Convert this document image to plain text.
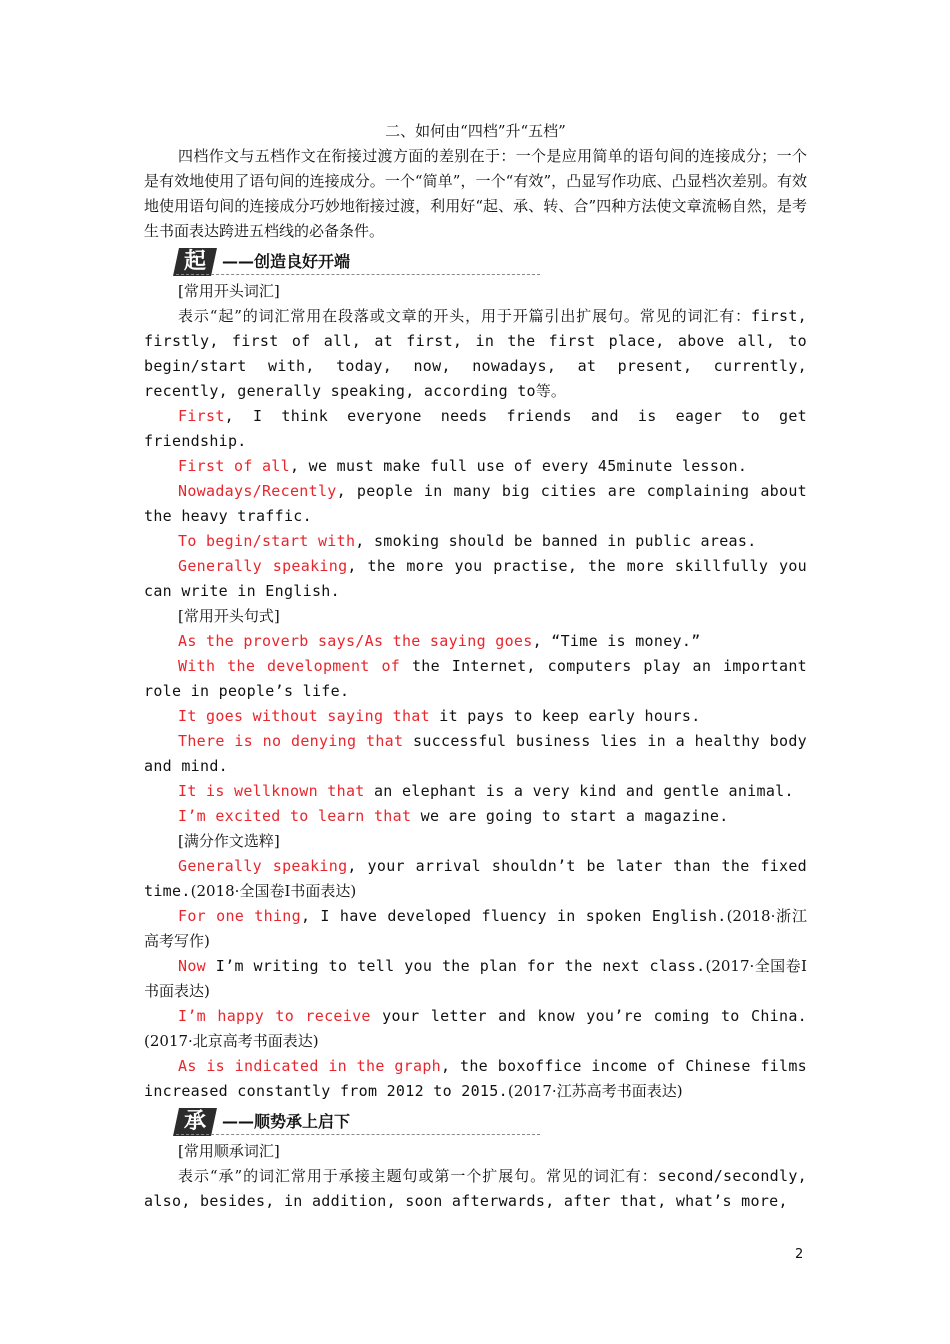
二、如何由“四档”升“五档”

四档作文与五档作文在衔接过渡方面的差别在于：一个是应用简单的语句间的连接成分；一个是有效地使用了语句间的连接成分。一个“简单”，一个“有效”，凸显写作功底、凸显档次差别。有效地使用语句间的连接成分巧妙地衔接过渡，利用好“起、承、转、合”四种方法使文章流畅自然，是考生书面表达跨进五档线的必备条件。

起	——创造良好开端

[常用开头词汇]

表示“起”的词汇常用在段落或文章的开头，用于开篇引出扩展句。常见的词汇有：first, firstly, first of all, at first, in the first place, above all, to begin/start with, today, now, nowadays, at present, currently, recently, generally speaking, according to等。

First, I think everyone needs friends and is eager to get friendship.

First of all, we must make full use of every 45minute lesson.

Nowadays/Recently, people in many big cities are complaining about the heavy traffic.

To begin/start with, smoking should be banned in public areas.

Generally speaking, the more you practise, the more skillfully you can write in English.

[常用开头句式]

As the proverb says/As the saying goes, “Time is money.”

With the development of the Internet, computers play an important role in people’s life.

It goes without saying that it pays to keep early hours.

There is no denying that successful business lies in a healthy body and mind.

It is wellknown that an elephant is a very kind and gentle animal.

I’m excited to learn that we are going to start a magazine.

[满分作文选粹]

Generally speaking, your arrival shouldn’t be later than the fixed time.(2018·全国卷Ⅰ书面表达)

For one thing, I have developed fluency in spoken English.(2018·浙江高考写作)

Now I’m writing to tell you the plan for the next class.(2017·全国卷Ⅰ书面表达)

I’m happy to receive your letter and know you’re coming to China.(2017·北京高考书面表达)

As is indicated in the graph, the boxoffice income of Chinese films increased constantly from 2012 to 2015.(2017·江苏高考书面表达)

承	——顺势承上启下

[常用顺承词汇]

表示“承”的词汇常用于承接主题句或第一个扩展句。常见的词汇有：second/secondly, also, besides, in addition, soon afterwards, after that, what’s more,

2
